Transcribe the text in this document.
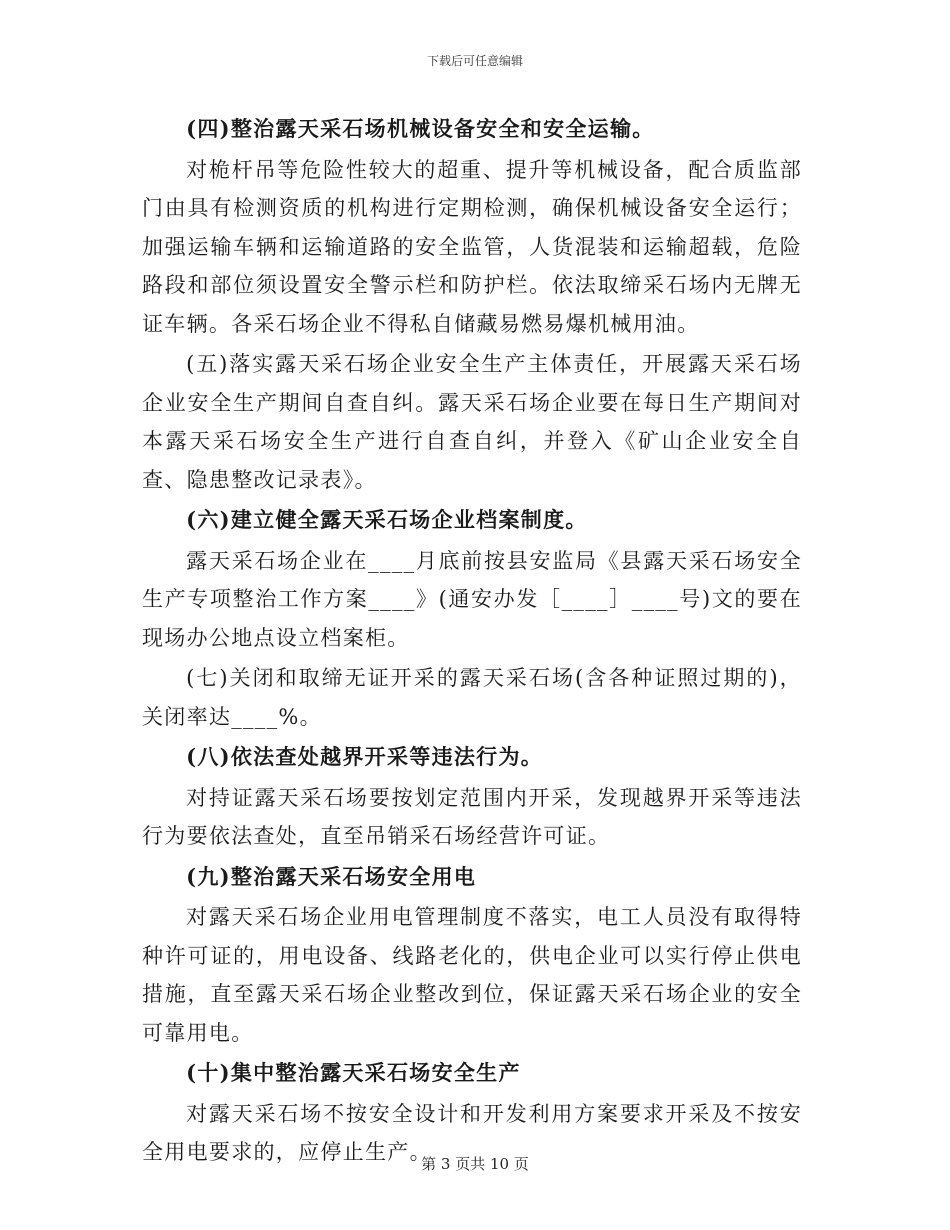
下载后可任意编辑

(四)整治露天采石场机械设备安全和安全运输。

对桅杆吊等危险性较大的超重、提升等机械设备，配合质监部门由具有检测资质的机构进行定期检测，确保机械设备安全运行；加强运输车辆和运输道路的安全监管，人货混装和运输超载，危险路段和部位须设置安全警示栏和防护栏。依法取缔采石场内无牌无证车辆。各采石场企业不得私自储藏易燃易爆机械用油。

(五)落实露天采石场企业安全生产主体责任，开展露天采石场企业安全生产期间自查自纠。露天采石场企业要在每日生产期间对本露天采石场安全生产进行自查自纠，并登入《矿山企业安全自查、隐患整改记录表》。

(六)建立健全露天采石场企业档案制度。

露天采石场企业在____月底前按县安监局《县露天采石场安全生产专项整治工作方案____》(通安办发［____］____号)文的要在现场办公地点设立档案柜。

(七)关闭和取缔无证开采的露天采石场(含各种证照过期的)，关闭率达____%。

(八)依法查处越界开采等违法行为。

对持证露天采石场要按划定范围内开采，发现越界开采等违法行为要依法查处，直至吊销采石场经营许可证。

(九)整治露天采石场安全用电

对露天采石场企业用电管理制度不落实，电工人员没有取得特种许可证的，用电设备、线路老化的，供电企业可以实行停止供电措施，直至露天采石场企业整改到位，保证露天采石场企业的安全可靠用电。

(十)集中整治露天采石场安全生产

对露天采石场不按安全设计和开发利用方案要求开采及不按安全用电要求的，应停止生产。

第 3 页共 10 页
